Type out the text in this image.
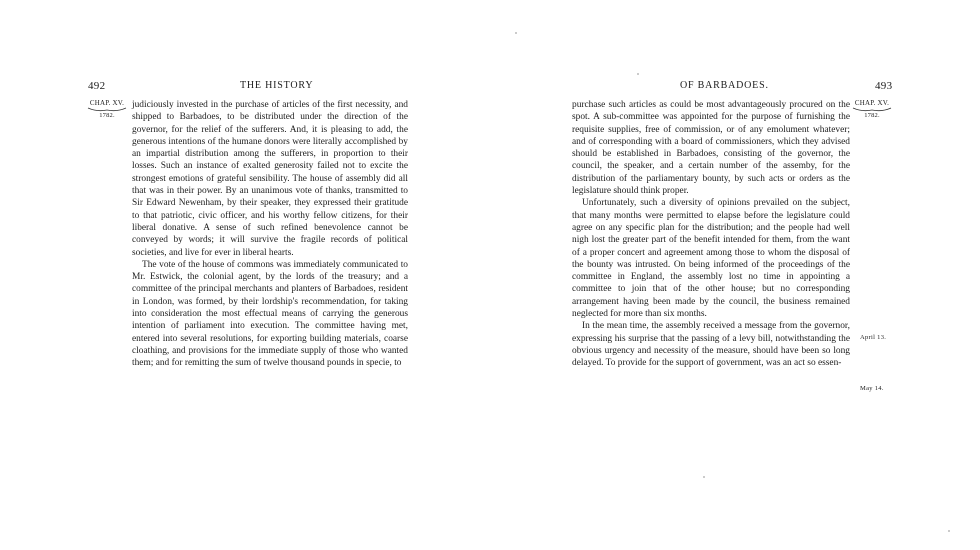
492	THE HISTORY
CHAP. XV.
1782.

judiciously invested in the purchase of articles of the first necessity, and shipped to Barbadoes, to be distributed under the direction of the governor, for the relief of the sufferers. And, it is pleasing to add, the generous intentions of the humane donors were literally accomplished by an impartial distribution among the sufferers, in proportion to their losses. Such an instance of exalted generosity failed not to excite the strongest emotions of grateful sensibility. The house of assembly did all that was in their power. By an unanimous vote of thanks, transmitted to Sir Edward Newenham, by their speaker, they expressed their gratitude to that patriotic, civic officer, and his worthy fellow citizens, for their liberal donative. A sense of such refined benevolence cannot be conveyed by words; it will survive the fragile records of political societies, and live for ever in liberal hearts.

The vote of the house of commons was immediately communicated to Mr. Estwick, the colonial agent, by the lords of the treasury; and a committee of the principal merchants and planters of Barbadoes, resident in London, was formed, by their lordship's recommendation, for taking into consideration the most effectual means of carrying the generous intention of parliament into execution. The committee having met, entered into several resolutions, for exporting building materials, coarse cloathing, and provisions for the immediate supply of those who wanted them; and for remitting the sum of twelve thousand pounds in specie, to

OF BARBADOES.	493

purchase such articles as could be most advantageously procured on the spot. A sub-committee was appointed for the purpose of furnishing the requisite supplies, free of commission, or of any emolument whatever; and of corresponding with a board of commissioners, which they advised should be established in Barbadoes, consisting of the governor, the council, the speaker, and a certain number of the assemby, for the distribution of the parliamentary bounty, by such acts or orders as the legislature should think proper.

Unfortunately, such a diversity of opinions prevailed on the subject, that many months were permitted to elapse before the legislature could agree on any specific plan for the distribution; and the people had well nigh lost the greater part of the benefit intended for them, from the want of a proper concert and agreement among those to whom the disposal of the bounty was intrusted. On being informed of the proceedings of the committee in England, the assembly lost no time in appointing a committee to join that of the other house; but no corresponding arrangement having been made by the council, the business remained neglected for more than six months.

In the mean time, the assembly received a message from the governor, expressing his surprise that the passing of a levy bill, notwithstanding the obvious urgency and necessity of the measure, should have been so long delayed. To provide for the support of government, was an act so essen-

CHAP. XV.
1782.
April 13.
May 14.
